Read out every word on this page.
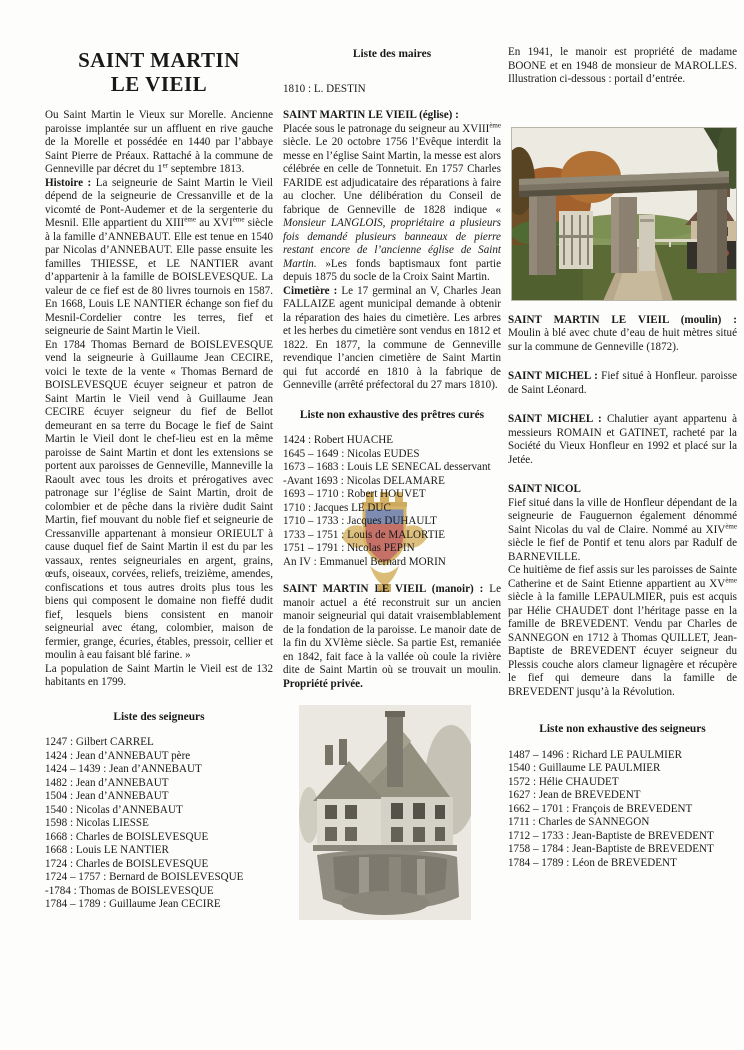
SAINT MARTIN
LE VIEIL

Ou Saint Martin le Vieux sur Morelle. Ancienne paroisse implantée sur un affluent en rive gauche de la Morelle et possédée en 1440 par l’abbaye Saint Pierre de Préaux. Rattaché à la commune de Genneville par décret du 1er septembre 1813.

Histoire : La seigneurie de Saint Martin le Vieil dépend de la seigneurie de Cressanville et de la vicomté de Pont-Audemer et de la sergenterie du Mesnil. Elle appartient du XIIIème au XVIème siècle à la famille d’ANNEBAUT. Elle est tenue en 1540 par Nicolas d’ANNEBAUT. Elle passe ensuite les familles THIESSE, et LE NANTIER avant d’appartenir à la famille de BOISLEVESQUE. La valeur de ce fief est de 80 livres tournois en 1587. En 1668, Louis LE NANTIER échange son fief du Mesnil-Cordelier contre les terres, fief et seigneurie de Saint Martin le Vieil.

En 1784 Thomas Bernard de BOISLEVESQUE vend la seigneurie à Guillaume Jean CECIRE, voici le texte de la vente « Thomas Bernard de BOISLEVESQUE écuyer seigneur et patron de Saint Martin le Vieil vend à Guillaume Jean CECIRE écuyer seigneur du fief de Bellot demeurant en sa terre du Bocage le fief de Saint Martin le Vieil dont le chef-lieu est en la même paroisse de Saint Martin et dont les extensions se portent aux paroisses de Genneville, Manneville la Raoult avec tous les droits et prérogatives avec patronage sur l’église de Saint Martin, droit de colombier et de pêche dans la rivière dudit Saint Martin, fief mouvant du noble fief et seigneurie de Cressanville appartenant à monsieur ORIEULT à cause duquel fief de Saint Martin il est du par les vassaux, rentes seigneuriales en argent, grains, œufs, oiseaux, corvées, reliefs, treizième, amendes, confiscations et tous autres droits plus tous les biens qui composent le domaine non fieffé dudit fief, lesquels biens consistent en manoir seigneurial avec étang, colombier, maison de fermier, grange, écuries, étables, pressoir, cellier et moulin à eau faisant blé farine. »

La population de Saint Martin le Vieil est de 132 habitants en 1799.

Liste des seigneurs
1247 : Gilbert CARREL
1424 : Jean d’ANNEBAUT père
1424 – 1439 : Jean d’ANNEBAUT
1482 : Jean d’ANNEBAUT
1504 : Jean d’ANNEBAUT
1540 : Nicolas d’ANNEBAUT
1598 : Nicolas LIESSE
1668 : Charles de BOISLEVESQUE
1668 : Louis LE NANTIER
1724 : Charles de BOISLEVESQUE
1724 – 1757 : Bernard de BOISLEVESQUE
-1784 : Thomas de BOISLEVESQUE
1784 – 1789 : Guillaume Jean CECIRE
Liste des maires

1810 : L. DESTIN

SAINT MARTIN LE VIEIL (église) :

Placée sous le patronage du seigneur au XVIIIème siècle. Le 20 octobre 1756 l’Evêque interdit la messe en l’église Saint Martin, la messe est alors célébrée en celle de Tonnetuit. En 1757 Charles FARIDE est adjudicataire des réparations à faire au clocher. Une délibération du Conseil de fabrique de Genneville de 1828 indique « Monsieur LANGLOIS, propriétaire a plusieurs fois demandé plusieurs banneaux de pierre restant encore de l’ancienne église de Saint Martin. »Les fonds baptismaux font partie depuis 1875 du socle de la Croix Saint Martin.

Cimetière : Le 17 germinal an V, Charles Jean FALLAIZE agent municipal demande à obtenir la réparation des haies du cimetière. Les arbres et les herbes du cimetière sont vendus en 1812 et 1822. En 1877, la commune de Genneville revendique l’ancien cimetière de Saint Martin qui fut accordé en 1810 à la fabrique de Genneville (arrêté préfectoral du 27 mars 1810).

Liste non exhaustive des prêtres curés
1424 : Robert HUACHE
1645 – 1649 : Nicolas EUDES
1673 – 1683 : Louis LE SENECAL desservant
-Avant 1693 : Nicolas DELAMARE
1693 – 1710 : Robert HOUVET
1710 : Jacques LE DUC
1710 – 1733 : Jacques DUHAULT
1733 – 1751 : Louis de MALORTIE
1751 – 1791 : Nicolas PEPIN
An IV : Emmanuel Bernard MORIN

SAINT MARTIN LE VIEIL (manoir) : Le manoir actuel a été reconstruit sur un ancien manoir seigneurial qui datait vraisemblablement de la fondation de la paroisse. Le manoir date de la fin du XVIème siècle. Sa partie Est, remaniée en 1842, fait face à la vallée où coule la rivière dite de Saint Martin où se trouvait un moulin. Propriété privée.

En 1941, le manoir est propriété de madame BOONE et en 1948 de monsieur de MAROLLES. Illustration ci-dessous : portail d’entrée.

SAINT MARTIN LE VIEIL (moulin) :

Moulin à blé avec chute d’eau de huit mètres situé sur la commune de Genneville (1872).

SAINT MICHEL : Fief situé à Honfleur. paroisse de Saint Léonard.

SAINT MICHEL : Chalutier ayant appartenu à messieurs ROMAIN et GATINET, racheté par la Société du Vieux Honfleur en 1992 et placé sur la Jetée.

SAINT NICOL

Fief situé dans la ville de Honfleur dépendant de la seigneurie de Fauguernon également dénommé Saint Nicolas du val de Claire. Nommé au XIVème siècle le fief de Pontif et tenu alors par Radulf de BARNEVILLE.

Ce huitième de fief assis sur les paroisses de Sainte Catherine et de Saint Etienne appartient au XVème siècle à la famille LEPAULMIER, puis est acquis par Hélie CHAUDET dont l’héritage passe en la famille de BREVEDENT. Vendu par Charles de SANNEGON en 1712 à Thomas QUILLET, Jean-Baptiste de BREVEDENT écuyer seigneur du Plessis couche alors clameur lignagère et récupère le fief qui demeure dans la famille de BREVEDENT jusqu’à la Révolution.

Liste non exhaustive des seigneurs
1487 – 1496 : Richard LE PAULMIER
1540 : Guillaume LE PAULMIER
1572 : Hélie CHAUDET
1627 : Jean de BREVEDENT
1662 – 1701 : François de BREVEDENT
1711 : Charles de SANNEGON
1712 – 1733 : Jean-Baptiste de BREVEDENT
1758 – 1784 : Jean-Baptiste de BREVEDENT
1784 – 1789 : Léon de BREVEDENT
